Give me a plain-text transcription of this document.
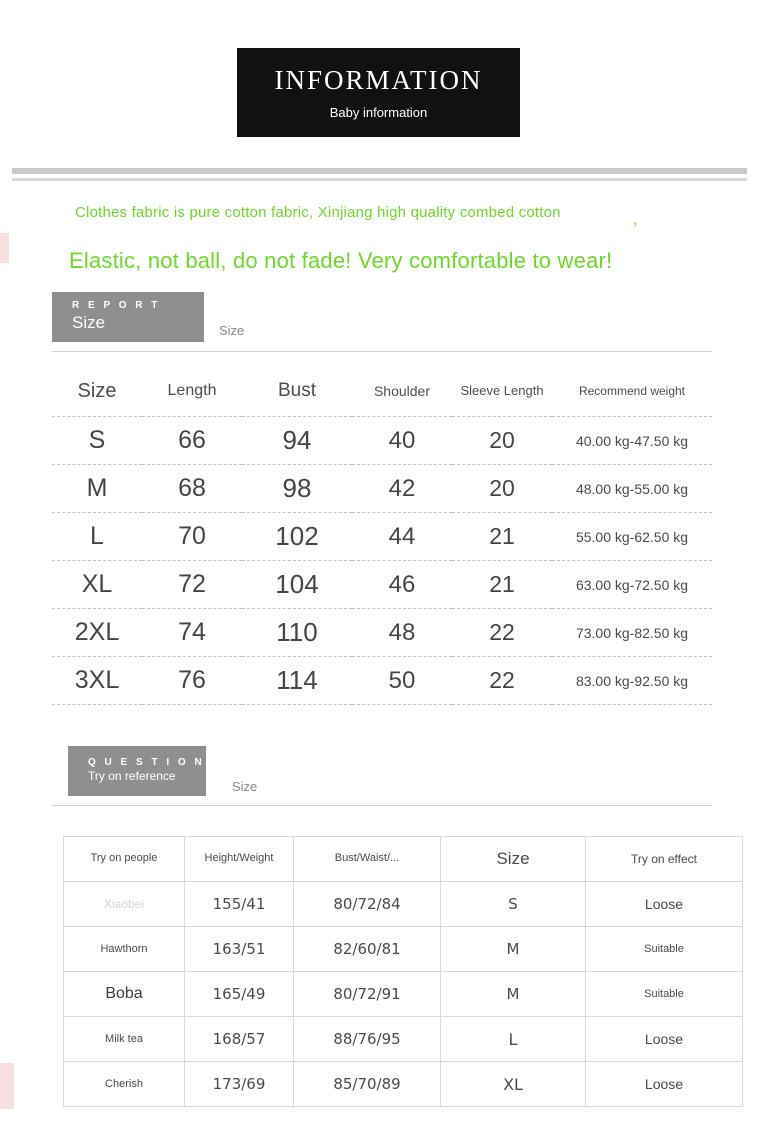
INFORMATION
Baby information
Clothes fabric is pure cotton fabric, Xinjiang high quality combed cotton	,
Elastic, not ball, do not fade! Very comfortable to wear!
R E P O R T
Size	Size
Size	Length	Bust	Shoulder	Sleeve Length	Recommend weight
S	66	94	40	20	40.00 kg-47.50 kg
M	68	98	42	20	48.00 kg-55.00 kg
L	70	102	44	21	55.00 kg-62.50 kg
XL	72	104	46	21	63.00 kg-72.50 kg
2XL	74	110	48	22	73.00 kg-82.50 kg
3XL	76	114	50	22	83.00 kg-92.50 kg
Q U E S T I O N
Try on reference
Size
Try on people	Height/Weight	Bust/Waist/...	Size	Try on effect
Xiaobei	155/41	80/72/84	S	Loose
Hawthorn	163/51	82/60/81	M	Suitable
Boba	165/49	80/72/91	M	Suitable
Milk tea	168/57	88/76/95	L	Loose
Cherish	173/69	85/70/89	XL	Loose
